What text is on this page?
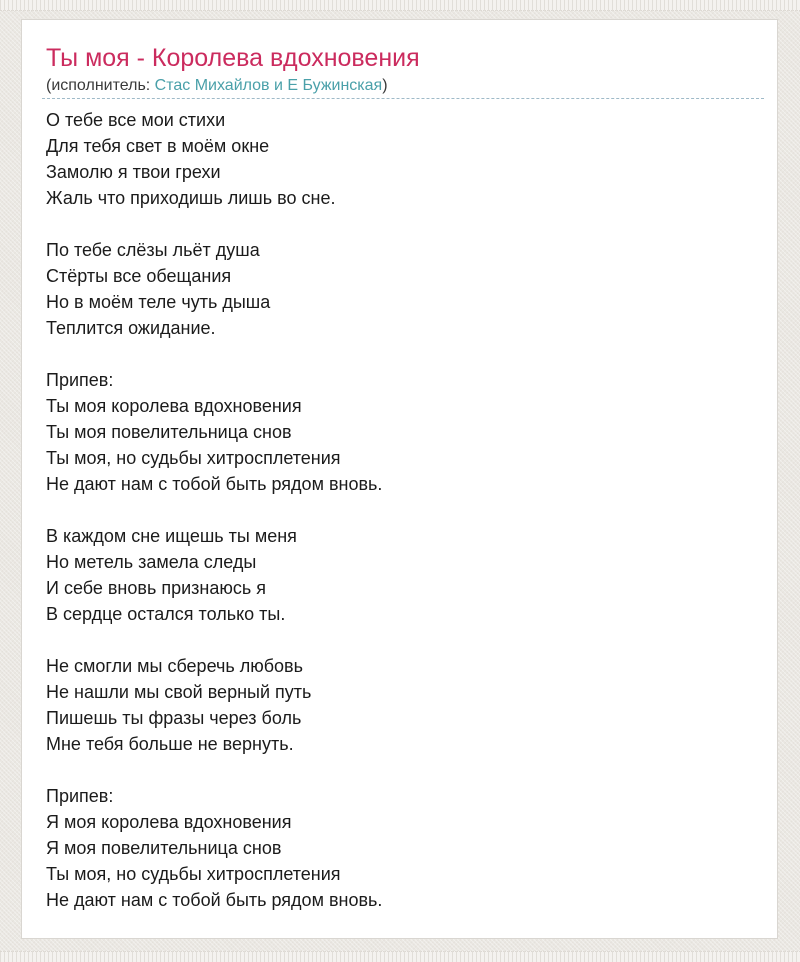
Ты моя - Королева вдохновения
(исполнитель: Стас Михайлов и Е Бужинская)

О тебе все мои стихи
Для тебя свет в моём окне
Замолю я твои грехи
Жаль что приходишь лишь во сне.

По тебе слёзы льёт душа
Стёрты все обещания
Но в моём теле чуть дыша
Теплится ожидание.

Припев:
Ты моя королева вдохновения
Ты моя повелительница снов
Ты моя, но судьбы хитросплетения
Не дают нам с тобой быть рядом вновь.

В каждом сне ищешь ты меня
Но метель замела следы
И себе вновь признаюсь я
В сердце остался только ты.

Не смогли мы сберечь любовь
Не нашли мы свой верный путь
Пишешь ты фразы через боль
Мне тебя больше не вернуть.

Припев:
Я моя королева вдохновения
Я моя повелительница снов
Ты моя, но судьбы хитросплетения
Не дают нам с тобой быть рядом вновь.
